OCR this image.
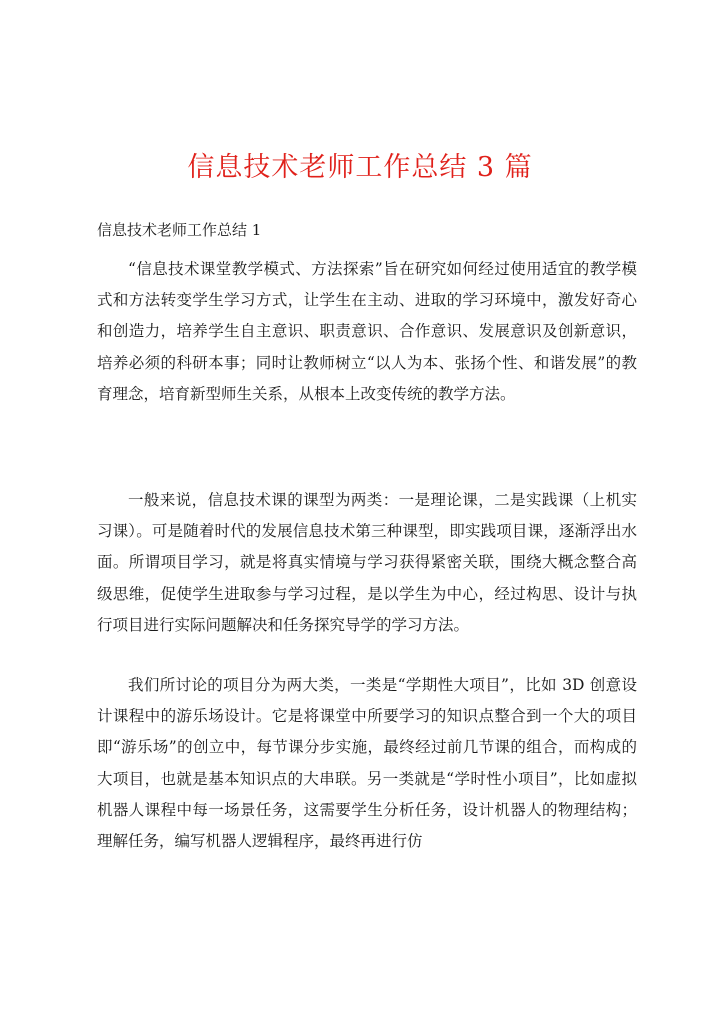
信息技术老师工作总结 3 篇
信息技术老师工作总结 1

“信息技术课堂教学模式、方法探索”旨在研究如何经过使用适宜的教学模式和方法转变学生学习方式，让学生在主动、进取的学习环境中，激发好奇心和创造力，培养学生自主意识、职责意识、合作意识、发展意识及创新意识，培养必须的科研本事；同时让教师树立“以人为本、张扬个性、和谐发展”的教育理念，培育新型师生关系，从根本上改变传统的教学方法。

一般来说，信息技术课的课型为两类：一是理论课，二是实践课（上机实习课）。可是随着时代的发展信息技术第三种课型，即实践项目课，逐渐浮出水面。所谓项目学习，就是将真实情境与学习获得紧密关联，围绕大概念整合高级思维，促使学生进取参与学习过程，是以学生为中心，经过构思、设计与执行项目进行实际问题解决和任务探究导学的学习方法。

我们所讨论的项目分为两大类，一类是“学期性大项目”，比如 3D 创意设计课程中的游乐场设计。它是将课堂中所要学习的知识点整合到一个大的项目即“游乐场”的创立中，每节课分步实施，最终经过前几节课的组合，而构成的大项目，也就是基本知识点的大串联。另一类就是“学时性小项目”，比如虚拟机器人课程中每一场景任务，这需要学生分析任务，设计机器人的物理结构；理解任务，编写机器人逻辑程序，最终再进行仿
